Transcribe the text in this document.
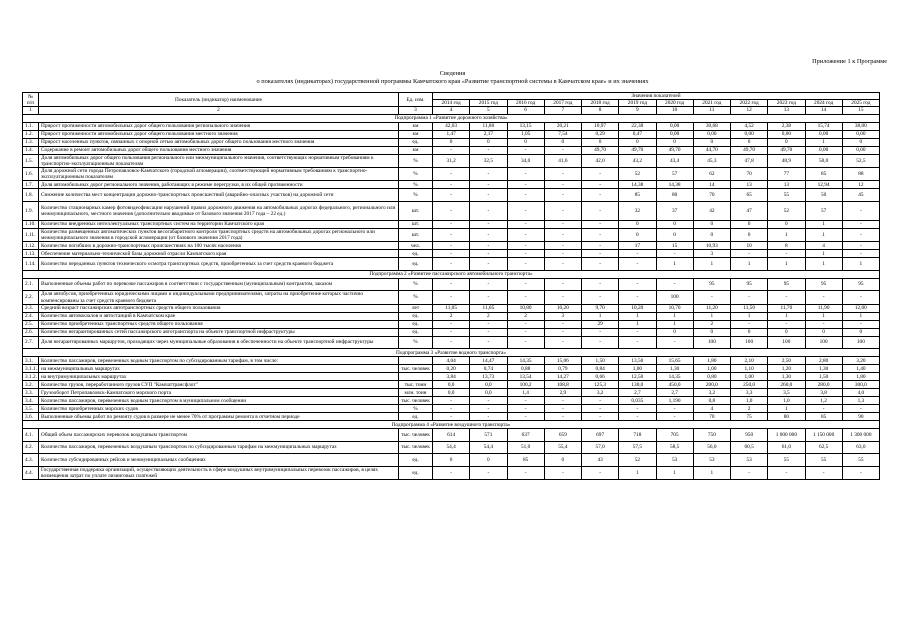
Приложение 1 к Программе
Сведения
о показателях (индикаторах) государственной программы Камчатского края «Развитие транспортной системы в Камчатском крае» и их значениях
№
п/п	Показатель (индикатор) наименование	Ед. изм.	Значения показателей											
			2014 год	2015 год	2016 год	2017 год	2018 год	2019 год	2020 год	2021 год	2022 год	2023 год	2024 год	2025 год
1	2	3	4	5	6	7	8	9	10	11	12	13	14	15
Подпрограмма 1 «Развитие дорожного хозяйства»														
1.1.	Прирост протяженности автомобильных дорог общего пользования регионального значения	км	42,03	11,80	13,15	20,21	10,97	22,38	0,00	30,68	4,52	2,38	15,74	38,00
1.2.	Прирост протяженности автомобильных дорог общего пользования местного значения	км	1,47	2,17	1,05	7,54	0,29	0,47	0,00	0,00	0,00	0,00	0,00	0,00
1.3.	Прирост населенных пунктов, связанных с опорной сетью автомобильных дорог общего пользования местного значения	ед.	0	0	0	0	0	0	0	0	0	0	1	0
1.4.	Содержание в ремонт автомобильных дорог общего пользования местного значения	км	-	-	-	-	49,70	49,70	49,70	44,70	49,70	49,70	0,00	0,00
1.5.	Доля автомобильных дорог общего пользования регионального или межмуниципального значения, соответствующих нормативным требованиям к транспортно-эксплуатационным показателям	%	31,2	32,5	34,0	41,6	42,0	43,2	43,4	45,3	47,8	48,9	50,0	52,5
1.6.	Доля дорожной сети города Петропавловск-Камчатского (городской агломерации), соответствующей нормативным требованиям к транспортно-эксплуатационным показателям	%	-	-	-	-	-	52	57	62	70	77	85	88
1.7.	Доля автомобильных дорог регионального значения, работающих в режиме перегрузки, в их общей протяженности	%	-	-	-	-	-	14,38	14,38	14	13	13	12,94	12
1.8.	Снижение количества мест концентрации дорожно-транспортных происшествий (аварийно-опасных участков) на дорожной сети	%	-	-	-	-	-	85	80	70	65	55	50	45
1.9.	Количество стационарных камер фотовидеофиксации нарушений правил дорожного движения на автомобильных дорогах федерального, регионального или межмуниципального, местного значения (дополнительно вводимые от базового значения 2017 года – 22 ед.)	шт.	-	-	-	-	-	32	37	42	47	52	57	-
1.10.	Количество внедренных интеллектуальных транспортных систем на территории Камчатского края	шт.	-	-	-	-	-	0	0	0	0	0	1	-
1.11.	Количество размещенных автоматических пунктов весогабаритного контроля транспортных средств на автомобильных дорогах регионального или межмуниципального значения в городской агломерации (от базового значения 2017 года)	шт.	-	-	-	-	-	0	0	0	0	1	1	-
1.12.	Количество погибших в дорожно-транспортных происшествиях на 100 тысяч населения	чел.	-	-	-	-	-	17	15	10,93	10	8	4	-
1.13.	Обеспечение материально-технической базы дорожной отрасли Камчатского края	ед.	-	-	-	-	-	-	-	3	-	-	1	-
1.14.	Количество переданных пунктов технического осмотра транспортных средств, приобретенных за счет средств краевого бюджета	ед.	-	-	-	-	-	-	1	1	1	1	1	1
Подпрограмма 2 «Развитие пассажирского автомобильного транспорта»														
2.1.	Выполненные объемы работ по перевозке пассажиров в соответствии с государственным (муниципальным) контрактом, заказом	%	-	-	-	-	-	-	-	95	95	95	95	95
2.2.	Доля автобусов, приобретенных юридическими лицами и индивидуальными предпринимателями, затраты на приобретение которых частично компенсированы за счет средств краевого бюджета	%	-	-	-	-	-	-	100	-	-	-	-	-
2.3.	Средний возраст пассажирских автотранспортных средств общего пользования	лет	11,05	11,05	10,80	10,20	9,70	10,20	10,70	11,20	11,50	11,70	11,90	12,00
2.4.	Количество автовокзалов и автостанций в Камчатском крае	ед.	2	2	2	3	1	1	1	1	1	1	1	1
2.5.	Количество приобретенных транспортных средств общего пользования	ед.	-	-	-	-	29	1	1	2	-	-	-	-
2.6.	Количество негарантированных сетей пассажирского автотранспорта на объекте транспортной инфраструктуры	ед.	-	-	-	-	-	-	0	0	0	0	0	0
2.7.	Доля негарантированных маршрутов, проходящих через муниципальные образования в обеспеченности на объекте транспортной инфраструктуры	%	-	-	-	-	-	-	-	100	100	100	100	100
Подпрограмма 3 «Развитие водного транспорта»														
3.1.	Количество пассажиров, перевезенных водным транспортом по субсидированным тарифам, в том числе:		4,04	14,47	14,35	15,06	1,50	13,50	15,65	1,80	2,10	2,50	2,80	3,20
3.1.1.	на межмуниципальных маршрутах	тыс. человек	0,20	0,74	0,88	0,79	0,84	1,00	1,30	1,00	1,10	1,20	1,30	1,40
3.1.2.	на внутримуниципальных маршрутах		3,84	13,73	13,54	14,27	0,66	12,50	14,35	0,80	1,00	1,30	1,50	1,80
3.2.	Количество грузов, переработанного грузов СУП "Камчаттрансфлот"	тыс. тонн	0,0	0,0	100,2	108,8	125,3	130,0	450,0	200,0	250,0	260,0	280,0	300,0
3.3.	Грузооборот Петропавловск-Камчатского морского порта	млн. тонн	0,0	0,0	1,4	2,9	3,2	2,7	2,7	3,2	3,3	3,5	3,8	4,0
3.4.	Количество пассажиров, перевезенных водным транспортом в муниципальном сообщении	тыс. человек	-	-	-	-	-	0,035	1,190	0,8	1,0	1,0	1,2	1,3
3.5.	Количество приобретенных морских судов	%	-	-	-	-	-	-	-	4	2	1	-	-
3.6.	Выполненные объемы работ по ремонту судов в размере не менее 70% от программы ремонта в отчетном периоде	ед.	-	-	-	-	-	-	-	70	75	80	85	90
Подпрограмма 4 «Развитие воздушного транспорта»														
4.1.	Общий объем пассажирских перевозок воздушным транспортом	тыс. человек	614	571	637	659	697	718	705	750	950	1 000 000	1 150 000	1 300 000
4.2.	Количество пассажиров, перевезенных воздушным транспортом по субсидированным тарифам на межмуниципальных маршрутах	тыс. человек	54,4	54,4	51,0	55,4	57,0	57,5	58,5	56,0	60,5	61,0	62,5	63,0
4.3.	Количество субсидированных рейсов и межмуниципальных сообщениях	ед.	0	0	85	0	43	52	53	53	53	55	55	55
4.4.	Государственная поддержка организаций, осуществляющих деятельность в сфере воздушных внутримуниципальных перевозок пассажиров, в целях возмещения затрат по уплате лизинговых платежей	ед.	-	-	-	-	-	1	1	1	-	-	-	-
